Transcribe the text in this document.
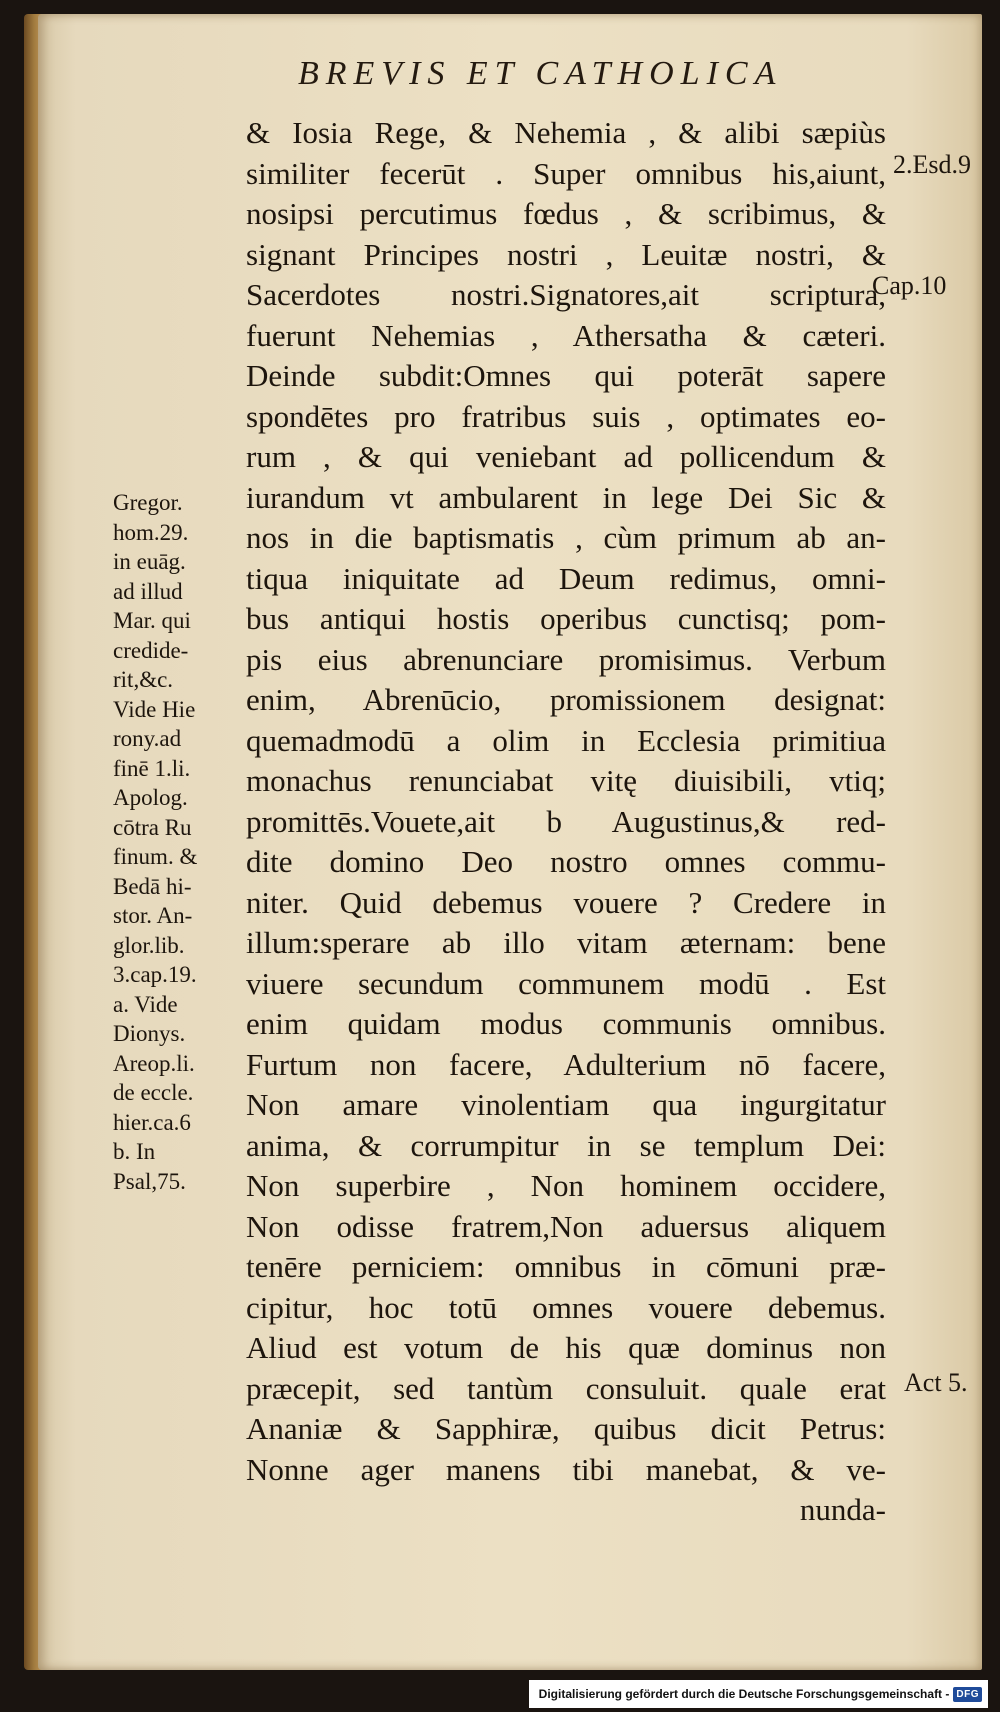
BREVIS ET CATHOLICA
& Iosia Rege, & Nehemia , & alibi sæpiùs
similiter fecerūt . Super omnibus his,aiunt,
nosipsi percutimus fœdus , & scribimus, &
signant Principes nostri , Leuitæ nostri, &
Sacerdotes nostri.Signatores,ait scriptura,
fuerunt Nehemias , Athersatha & cæteri.
Deinde subdit:Omnes qui poterāt sapere
spondētes pro fratribus suis , optimates eo-
rum , & qui veniebant ad pollicendum &
iurandum vt ambularent in lege Dei Sic &
nos in die baptismatis , cùm primum ab an-
tiqua iniquitate ad Deum redimus, omni-
bus antiqui hostis operibus cunctisq; pom-
pis eius abrenunciare promisimus. Verbum
enim, Abrenūcio, promissionem designat:
quemadmodū a olim in Ecclesia primitiua
monachus renunciabat vitę diuisibili, vtiq;
promittēs.Vouete,ait b Augustinus,& red-
dite domino Deo nostro omnes commu-
niter. Quid debemus vouere ? Credere in
illum:sperare ab illo vitam æternam: bene
viuere secundum communem modū . Est
enim quidam modus communis omnibus.
Furtum non facere, Adulterium nō facere,
Non amare vinolentiam qua ingurgitatur
anima, & corrumpitur in se templum Dei:
Non superbire , Non hominem occidere,
Non odisse fratrem,Non aduersus aliquem
tenēre perniciem: omnibus in cōmuni præ-
cipitur, hoc totū omnes vouere debemus.
Aliud est votum de his quæ dominus non
præcepit, sed tantùm consuluit. quale erat
Ananiæ & Sapphiræ, quibus dicit Petrus:
Nonne ager manens tibi manebat, & ve-
nunda-
Gregor.
hom.29.
in euāg.
ad illud
Mar. qui
credide-
rit,&c.
Vide Hie
rony.ad
finē 1.li.
Apolog.
cōtra Ru
finum. &
Bedā hi-
stor. An-
glor.lib.
3.cap.19.
a. Vide
Dionys.
Areop.li.
de eccle.
hier.ca.6
b. In
Psal,75.
2.Esd.9
Cap.10
Act 5.
Digitalisierung gefördert durch die Deutsche Forschungsgemeinschaft - DFG
